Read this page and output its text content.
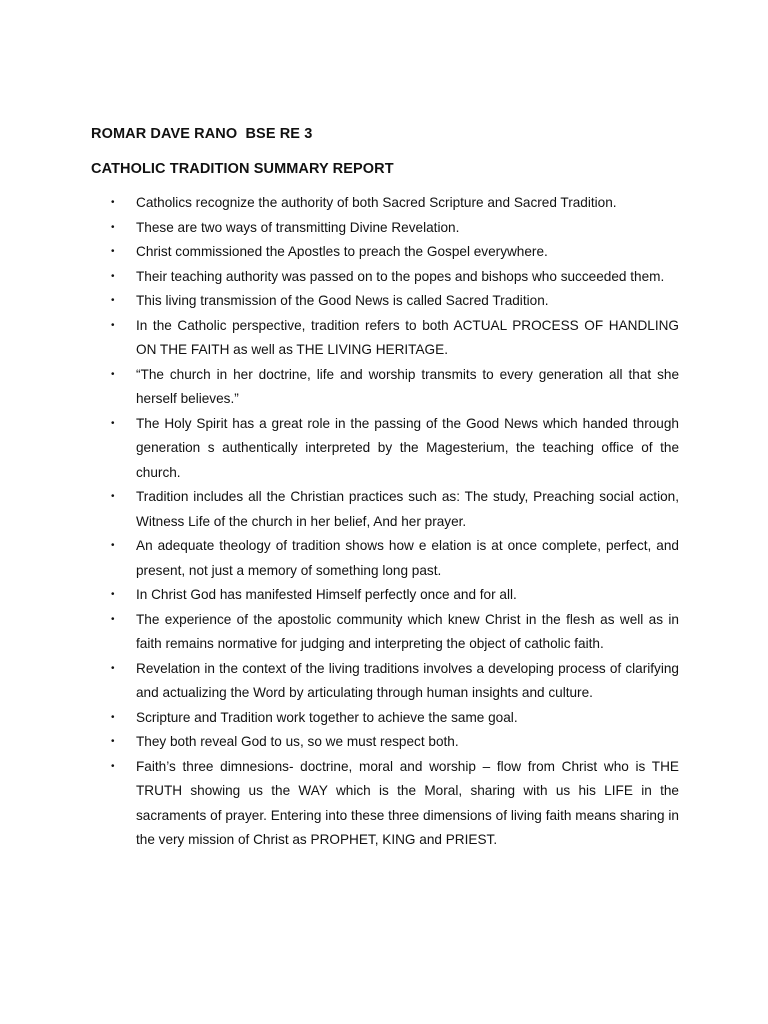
ROMAR DAVE RANO  BSE RE 3
CATHOLIC TRADITION SUMMARY REPORT
•	Catholics recognize the authority of both Sacred Scripture and Sacred Tradition.
•	These are two ways of transmitting Divine Revelation.
•	Christ commissioned the Apostles to preach the Gospel everywhere.
•	Their teaching authority was passed on to the popes and bishops who succeeded them.
•	This living transmission of the Good News is called Sacred Tradition.
•	In the Catholic perspective, tradition refers to both ACTUAL PROCESS OF HANDLING ON THE FAITH as well as THE LIVING HERITAGE.
•	“The church in her doctrine, life and worship transmits to every generation all that she herself believes.”
•	The Holy Spirit has a great role in the passing of the Good News which handed through generation s authentically interpreted by the Magesterium, the teaching office of the church.
•	Tradition includes all the Christian practices such as: The study, Preaching social action, Witness Life of the church in her belief, And her prayer.
•	An adequate theology of tradition shows how e elation is at once complete, perfect, and present, not just a memory of something long past.
•	In Christ God has manifested Himself perfectly once and for all.
•	The experience of the apostolic community which knew Christ in the flesh as well as in faith remains normative for judging and interpreting the object of catholic faith.
•	Revelation in the context of the living traditions involves a developing process of clarifying and actualizing the Word by articulating through human insights and culture.
•	Scripture and Tradition work together to achieve the same goal.
•	They both reveal God to us, so we must respect both.
•	Faith’s three dimnesions- doctrine, moral and worship – flow from Christ who is THE TRUTH showing us the WAY which is the Moral, sharing with us his LIFE in the sacraments of prayer. Entering into these three dimensions of living faith means sharing in the very mission of Christ as PROPHET, KING and PRIEST.
